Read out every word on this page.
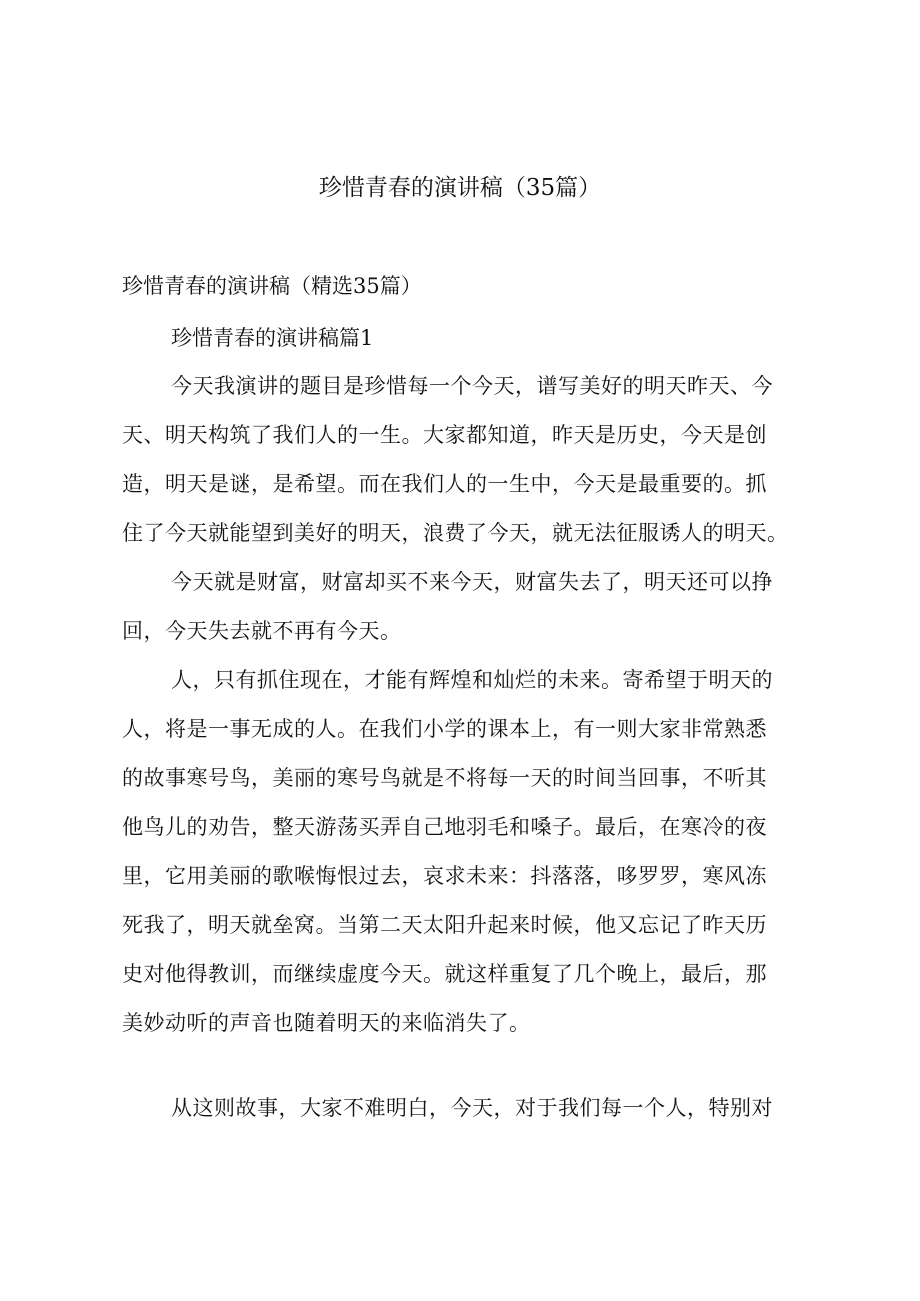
珍惜青春的演讲稿（35篇）
珍惜青春的演讲稿（精选35篇）
珍惜青春的演讲稿篇1
今天我演讲的题目是珍惜每一个今天，谱写美好的明天昨天、今
天、明天构筑了我们人的一生。大家都知道，昨天是历史，今天是创
造，明天是谜，是希望。而在我们人的一生中，今天是最重要的。抓
住了今天就能望到美好的明天，浪费了今天，就无法征服诱人的明天。
今天就是财富，财富却买不来今天，财富失去了，明天还可以挣
回，今天失去就不再有今天。
人，只有抓住现在，才能有辉煌和灿烂的未来。寄希望于明天的
人，将是一事无成的人。在我们小学的课本上，有一则大家非常熟悉
的故事寒号鸟，美丽的寒号鸟就是不将每一天的时间当回事，不听其
他鸟儿的劝告，整天游荡买弄自己地羽毛和嗓子。最后，在寒冷的夜
里，它用美丽的歌喉悔恨过去，哀求未来：抖落落，哆罗罗，寒风冻
死我了，明天就垒窝。当第二天太阳升起来时候，他又忘记了昨天历
史对他得教训，而继续虚度今天。就这样重复了几个晚上，最后，那
美妙动听的声音也随着明天的来临消失了。
从这则故事，大家不难明白，今天，对于我们每一个人，特别对
